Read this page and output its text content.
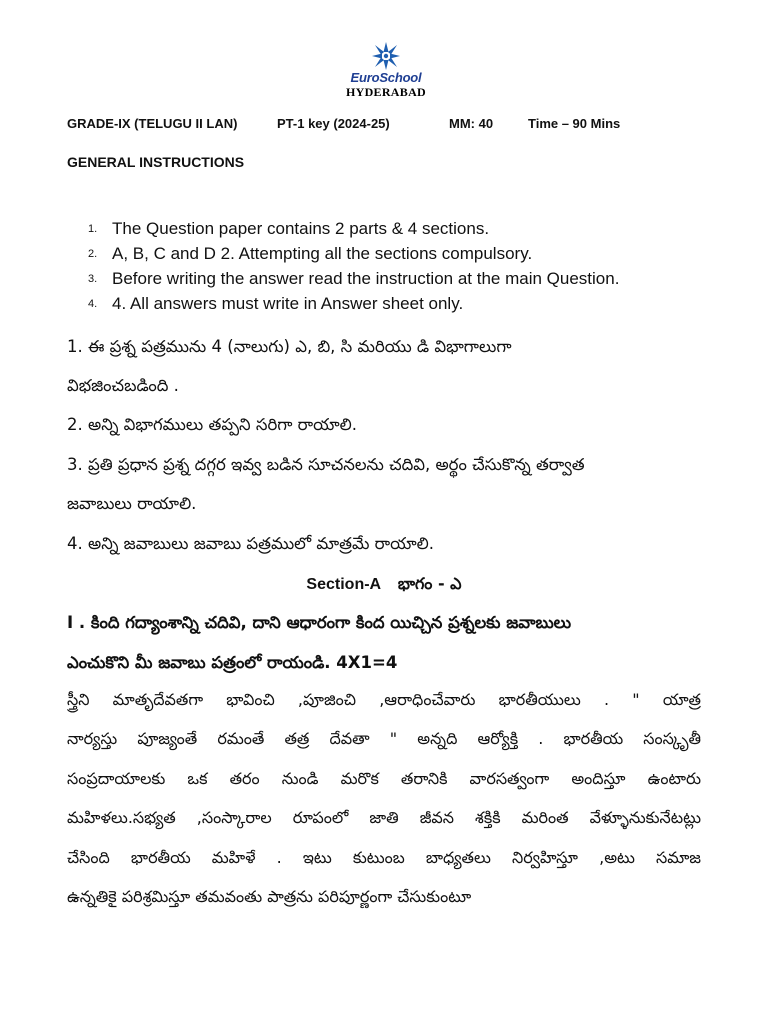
EuroSchool
HYDERABAD
GRADE-IX (TELUGU II LAN)	PT-1 key (2024-25)	MM: 40	Time – 90 Mins
GENERAL INSTRUCTIONS
1. The Question paper contains 2 parts & 4 sections.
2. A, B, C and D 2. Attempting all the sections compulsory.
3. Before writing the answer read the instruction at the main Question.
4. 4. All answers must write in Answer sheet only.
1. ఈ ప్రశ్న పత్రమును 4 (నాలుగు) ఎ, బి, సి మరియు డి విభాగాలుగా
విభజించబడింది .
2. అన్ని విభాగములు తప్పని సరిగా రాయాలి.
3. ప్రతి ప్రధాన ప్రశ్న దగ్గర ఇవ్వ బడిన సూచనలను చదివి, అర్థం చేసుకొన్న తర్వాత
జవాబులు రాయాలి.
4. అన్ని జవాబులు జవాబు పత్రములో మాత్రమే రాయాలి.
Section-A భాగం - ఎ
I . కింది గద్యాంశాన్ని చదివి, దాని ఆధారంగా కింద యిచ్చిన ప్రశ్నలకు జవాబులు
ఎంచుకొని మీ జవాబు పత్రంలో రాయండి. 4X1=4
స్త్రీని మాతృదేవతగా భావించి ,పూజించి ,ఆరాధించేవారు భారతీయులు . " యాత్ర
నార్యస్తు పూజ్యంతే రమంతే తత్ర దేవతా " అన్నది ఆర్యోక్తి . భారతీయ సంస్కృతీ
సంప్రదాయాలకు ఒక తరం నుండి మరొక తరానికి వారసత్వంగా అందిస్తూ ఉంటారు
మహిళలు.సభ్యత ,సంస్కారాల రూపంలో జాతి జీవన శక్తికి మరింత వేళ్ళూనుకునేటట్లు
చేసింది భారతీయ మహిళే . ఇటు కుటుంబ బాధ్యతలు నిర్వహిస్తూ ,అటు సమాజ
ఉన్నతికై పరిశ్రమిస్తూ తమవంతు పాత్రను పరిపూర్ణంగా చేసుకుంటూ
